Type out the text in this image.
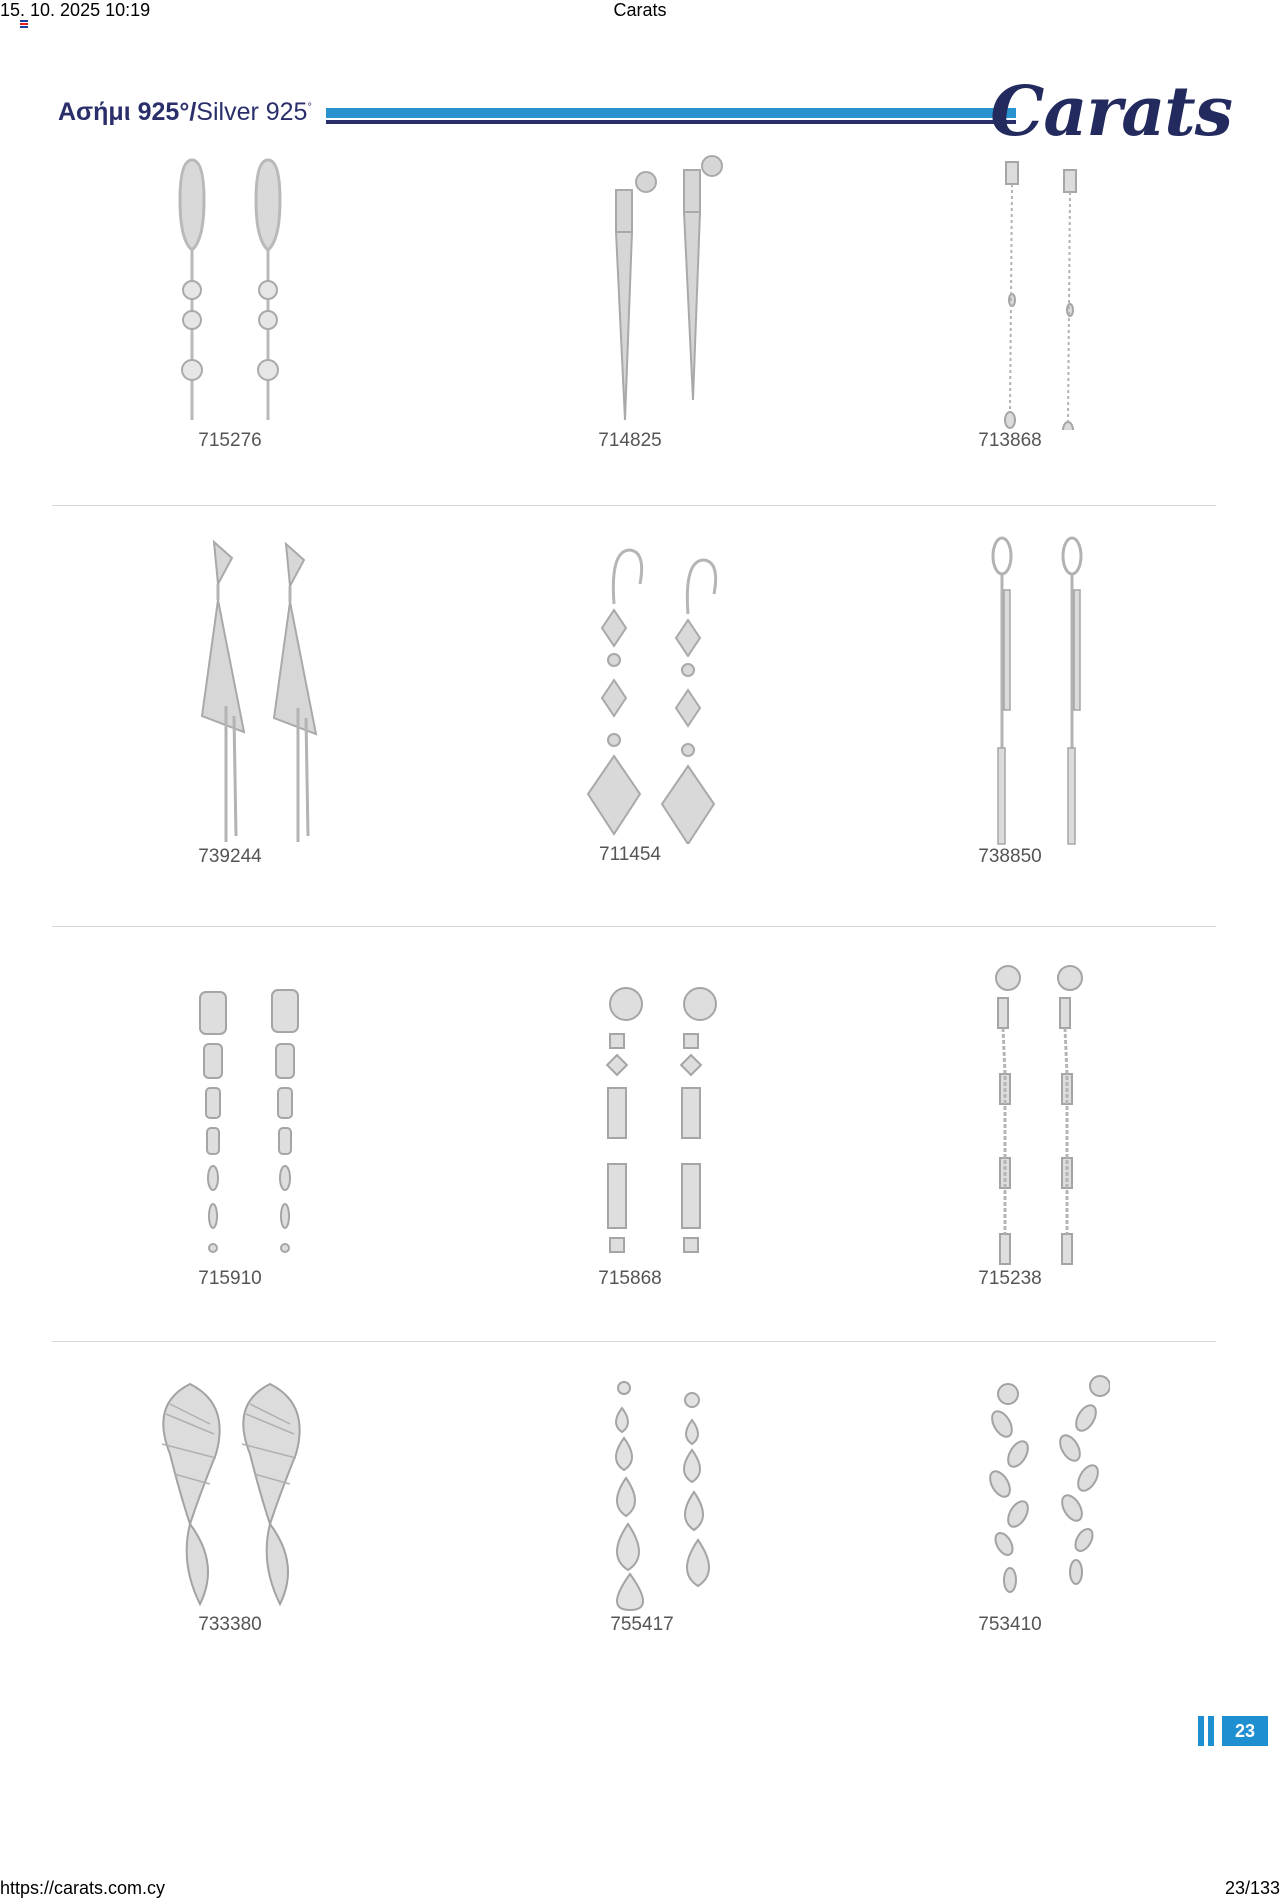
15. 10. 2025 10:19	Carats
Ασήμι 925°/Silver 925°	Carats
715276	714825	713868
739244	711454	738850
715910	715868	715238
733380	755417	753410
23
https://carats.com.cy	23/133
